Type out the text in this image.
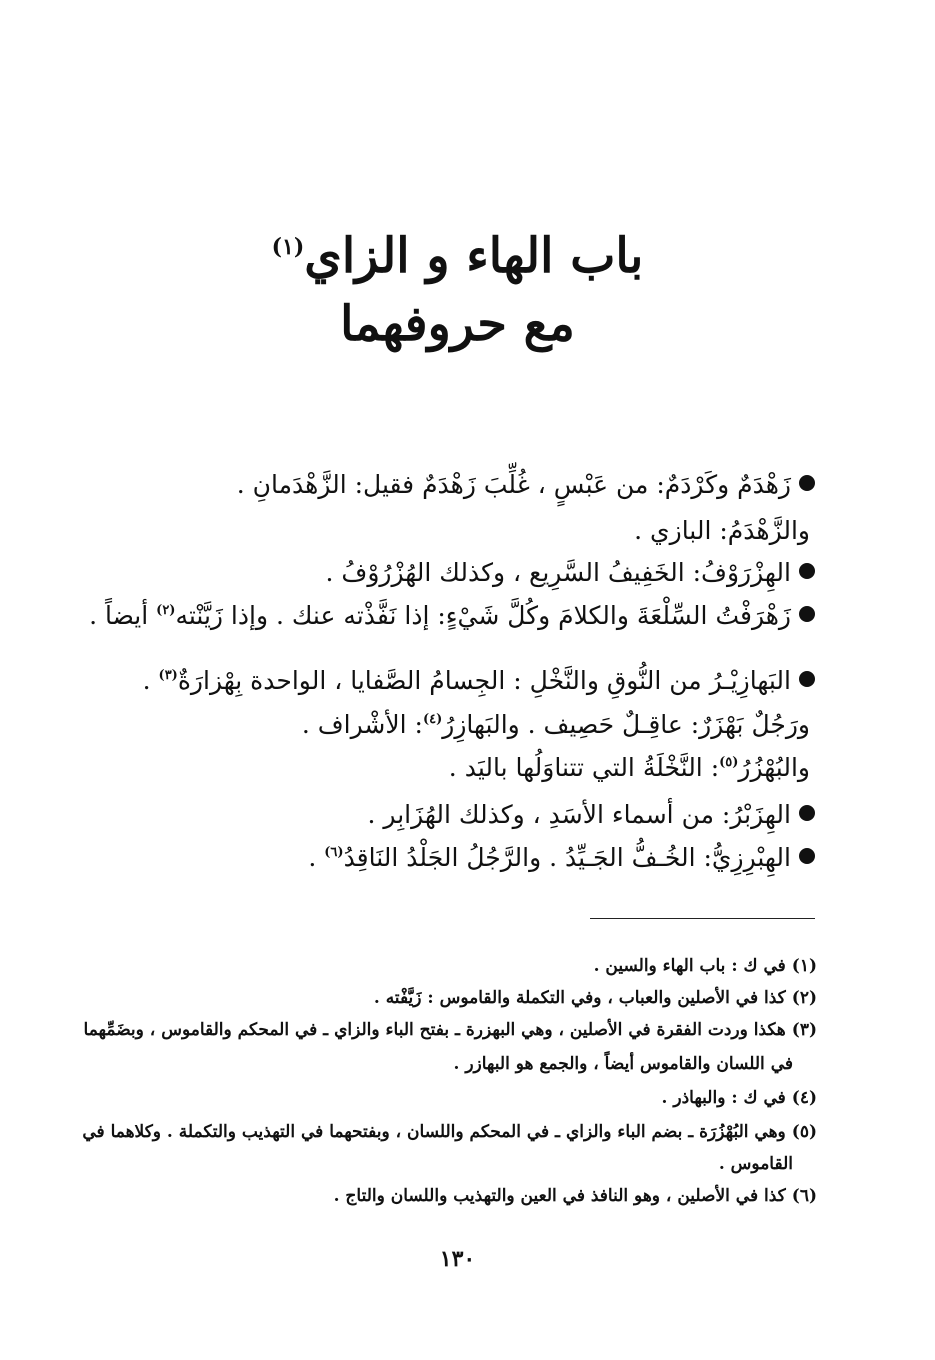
باب الهاء و الزاي$^{(١)}$
مع حروفهما
زَهْدَمٌ وكَرْدَمٌ: من عَبْسٍ ، غُلِّبَ زَهْدَمٌ فقيل: الزَّهْدَمانِ .
والزَّهْدَمُ: البازي .
الهِزْرَوْفُ: الخَفِيفُ السَّرِيع ، وكذلك الهُزْرُوْفُ .
زَهْرَفْتُ السِّلْعَةَ والكلامَ وكُلَّ شَيْءٍ: إذا نَفَّذْته عنك . وإذا زَيَّنْته$^{(٢)}$ أيضاً .
البَهازِيْـرُ من النُّوقِ والنَّخْلِ : الجِسامُ الصَّفايا ، الواحدة بِهْزارَةٌ$^{(٣)}$ .
ورَجُلٌ بَهْزَرٌ: عاقِـلٌ حَصِيف . والبَهازِرُ$^{(٤)}$: الأشْراف .
والبُهْزُرُ$^{(٥)}$: النَّخْلَةُ التي تتناوَلُها باليَد .
الهِزَبْرُ: من أسماء الأسَدِ ، وكذلك الهُزَابِر .
الهِبْرِزِيُّ: الخُـفُّ الجَـيِّدُ . والرَّجُلُ الجَلْدُ النَاقِدُ$^{(٦)}$ .
(١)في ك : باب الهاء والسين .
(٢)كذا في الأصلين والعباب ، وفي التكملة والقاموس : زَيَّفْته .
(٣)هكذا وردت الفقرة في الأصلين ، وهي البهزرة ـ بفتح الباء والزاي ـ في المحكم والقاموس ، وبضَمِّهما
في اللسان والقاموس أيضاً ، والجمع هو البهازر .
(٤)في ك : والبهاذر .
(٥)وهي البُهْزُرَة ـ بضم الباء والزاي ـ في المحكم واللسان ، وبفتحهما في التهذيب والتكملة . وكلاهما في
القاموس .
(٦)كذا في الأصلين ، وهو النافذ في العين والتهذيب واللسان والتاج .
١٣٠
